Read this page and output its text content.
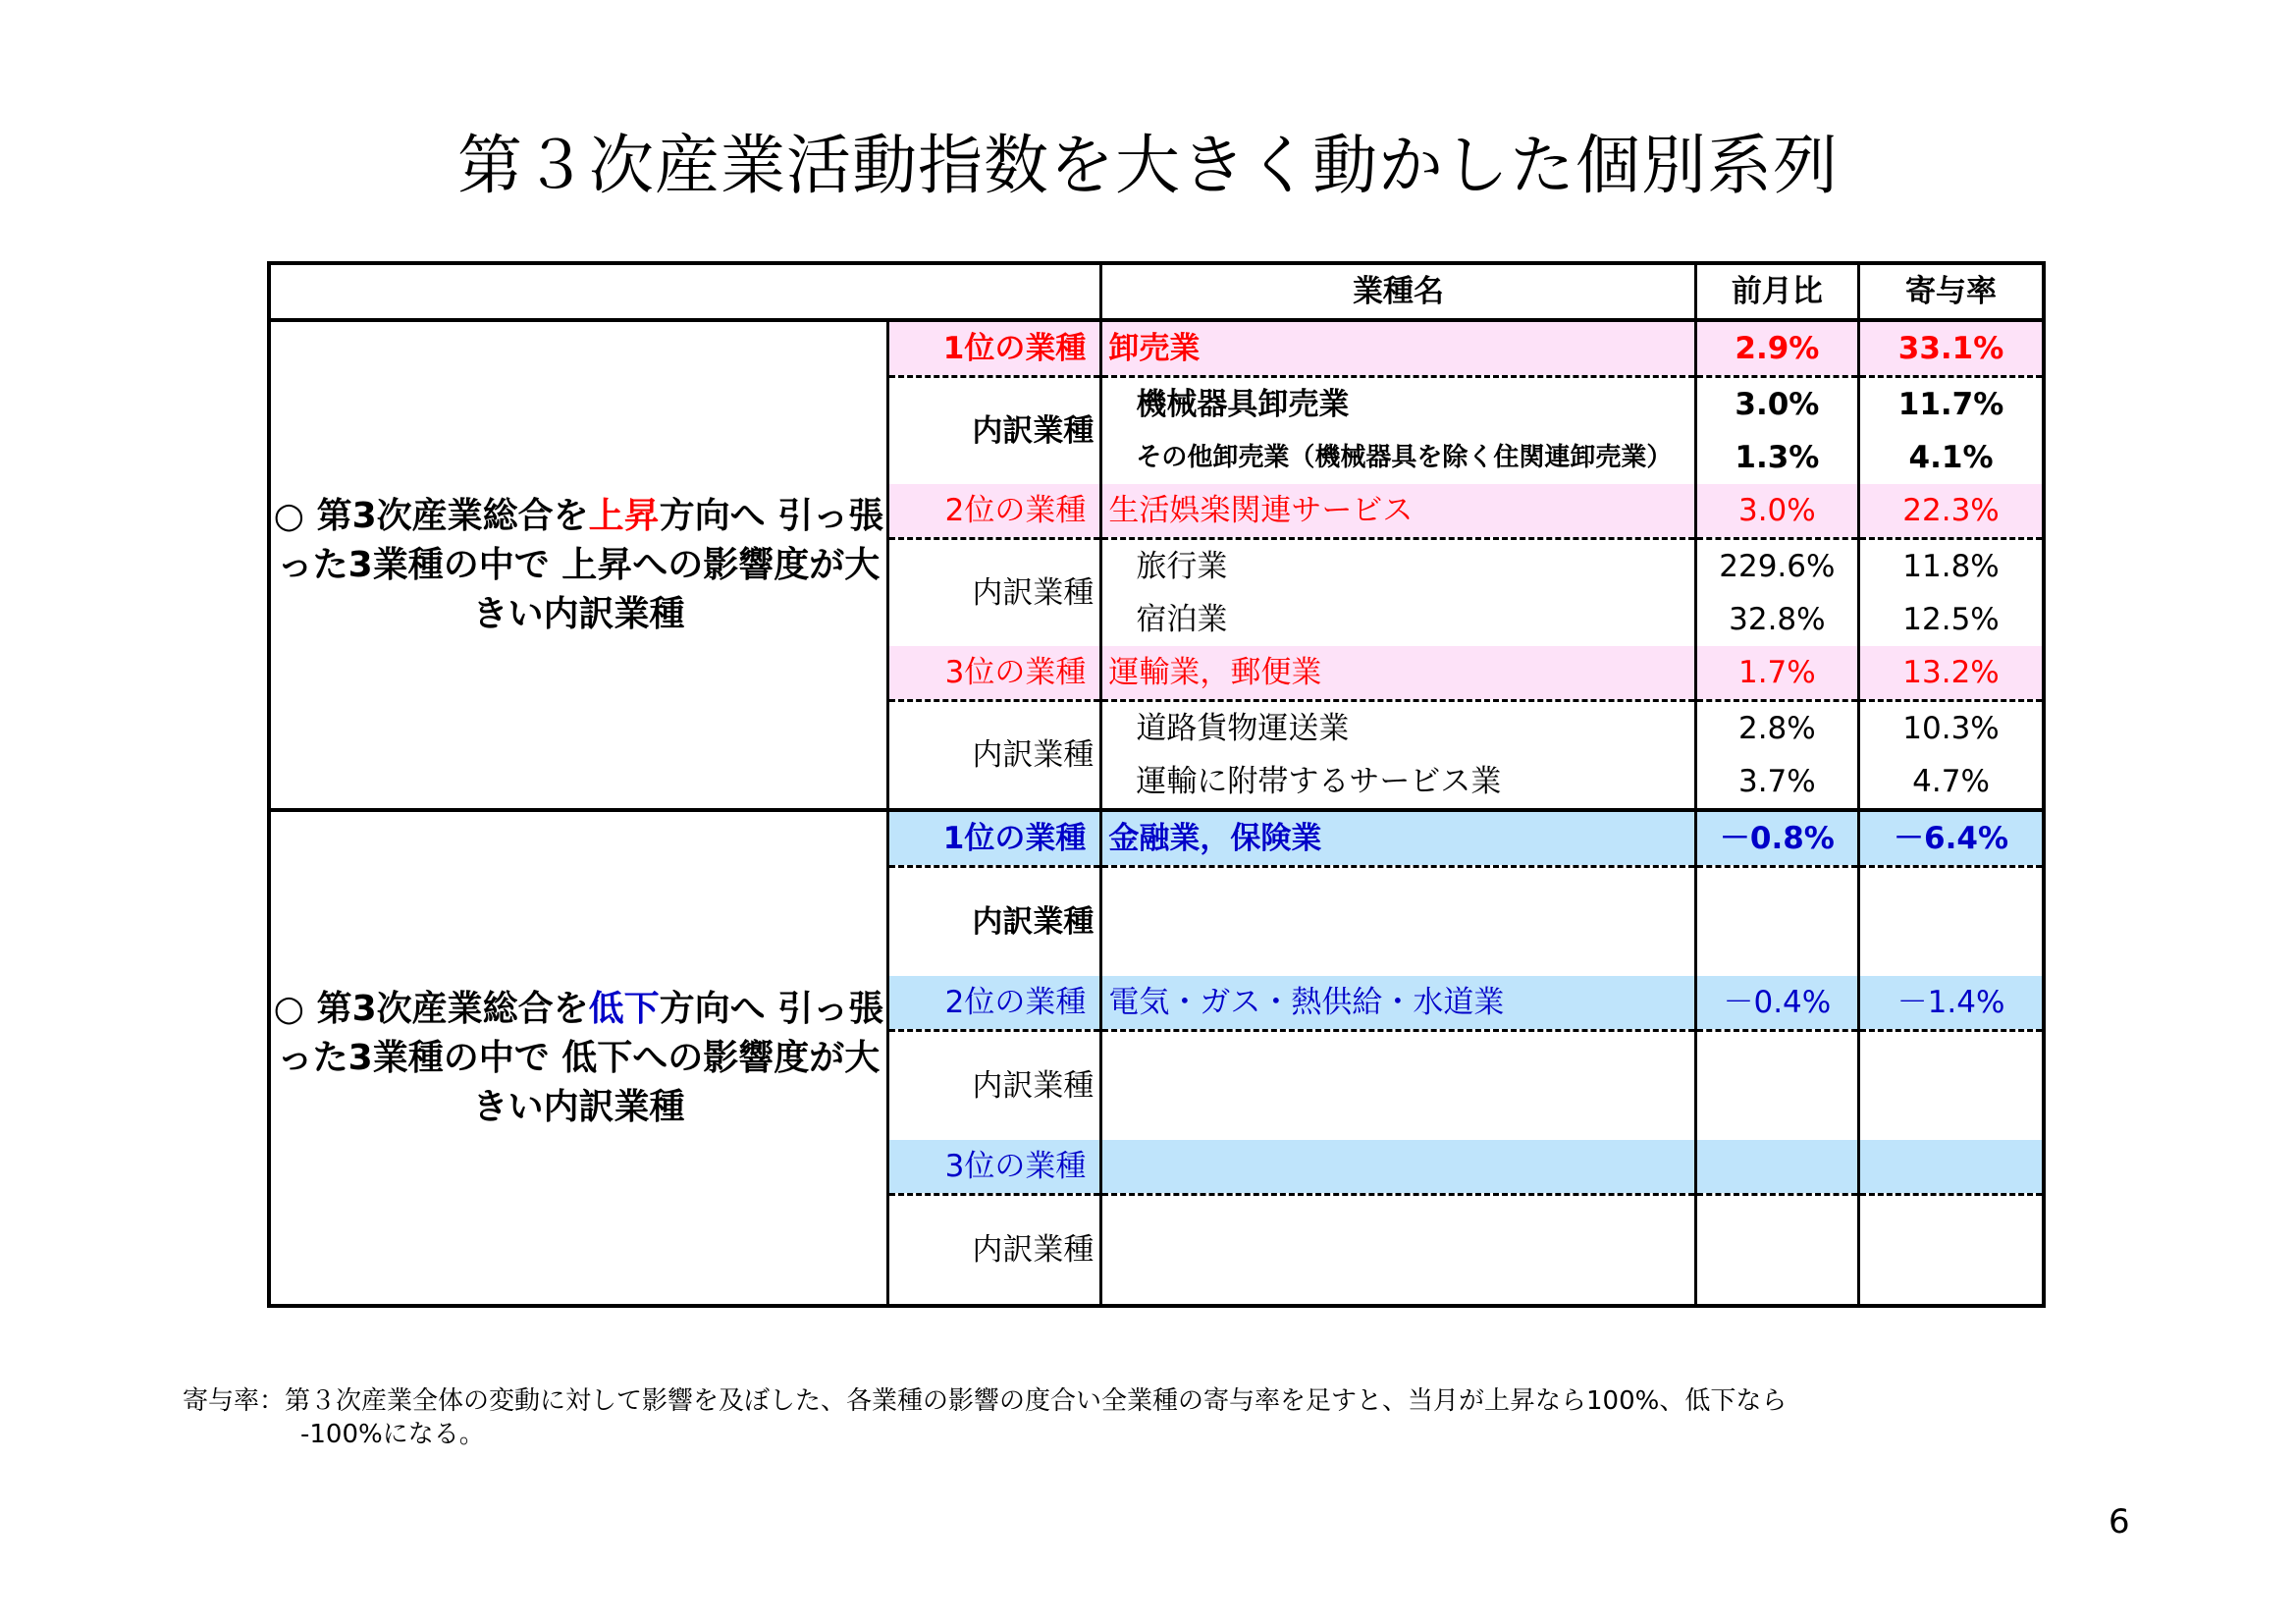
第３次産業活動指数を大きく動かした個別系列
		業種名	前月比	寄与率
○ 第3次産業総合を上昇方向へ 引っ張った3業種の中で 上昇への影響度が大きい内訳業種	1位の業種	卸売業	2.9%	33.1%
	内訳業種	機械器具卸売業	3.0%	11.7%
		その他卸売業（機械器具を除く住関連卸売業）	1.3%	4.1%
	2位の業種	生活娯楽関連サービス	3.0%	22.3%
	内訳業種	旅行業	229.6%	11.8%
		宿泊業	32.8%	12.5%
	3位の業種	運輸業，郵便業	1.7%	13.2%
	内訳業種	道路貨物運送業	2.8%	10.3%
		運輸に附帯するサービス業	3.7%	4.7%
○ 第3次産業総合を低下方向へ 引っ張った3業種の中で 低下への影響度が大きい内訳業種	1位の業種	金融業，保険業	－0.8%	－6.4%
	内訳業種			
	2位の業種	電気・ガス・熱供給・水道業	－0.4%	－1.4%
	内訳業種			
	3位の業種			
	内訳業種			
寄与率：第３次産業全体の変動に対して影響を及ぼした、各業種の影響の度合い全業種の寄与率を足すと、当月が上昇なら100%、低下なら
-100%になる。
6
